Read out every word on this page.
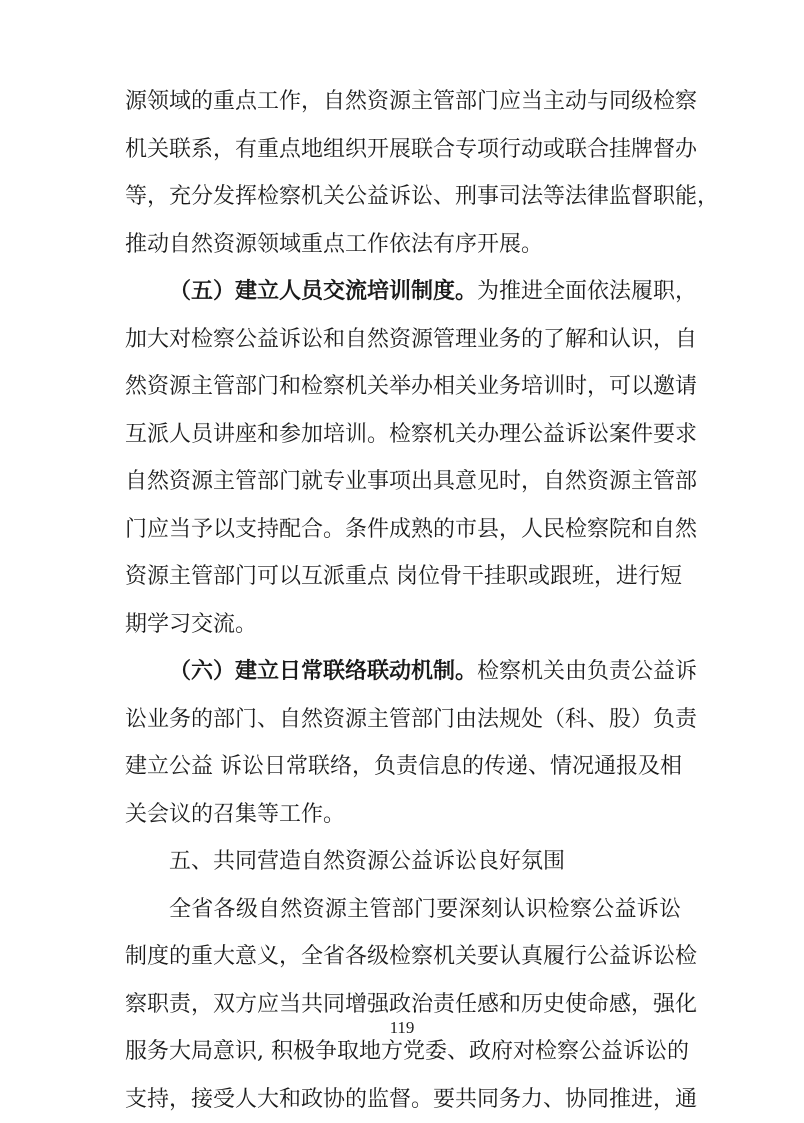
源领域的重点工作，自然资源主管部门应当主动与同级检察
机关联系，有重点地组织开展联合专项行动或联合挂牌督办
等，充分发挥检察机关公益诉讼、刑事司法等法律监督职能，
推动自然资源领域重点工作依法有序开展。
（五）建立人员交流培训制度。为推进全面依法履职，
加大对检察公益诉讼和自然资源管理业务的了解和认识，自
然资源主管部门和检察机关举办相关业务培训时，可以邀请
互派人员讲座和参加培训。检察机关办理公益诉讼案件要求
自然资源主管部门就专业事项出具意见时，自然资源主管部
门应当予以支持配合。条件成熟的市县，人民检察院和自然
资源主管部门可以互派重点 岗位骨干挂职或跟班，进行短
期学习交流。
（六）建立日常联络联动机制。检察机关由负责公益诉
讼业务的部门、自然资源主管部门由法规处（科、股）负责
建立公益 诉讼日常联络，负责信息的传递、情况通报及相
关会议的召集等工作。
五、共同营造自然资源公益诉讼良好氛围
全省各级自然资源主管部门要深刻认识检察公益诉讼
制度的重大意义，全省各级检察机关要认真履行公益诉讼检
察职责，双方应当共同增强政治责任感和历史使命感，强化
服务大局意识, 积极争取地方党委、政府对检察公益诉讼的
支持，接受人大和政协的监督。要共同务力、协同推进，通
119
